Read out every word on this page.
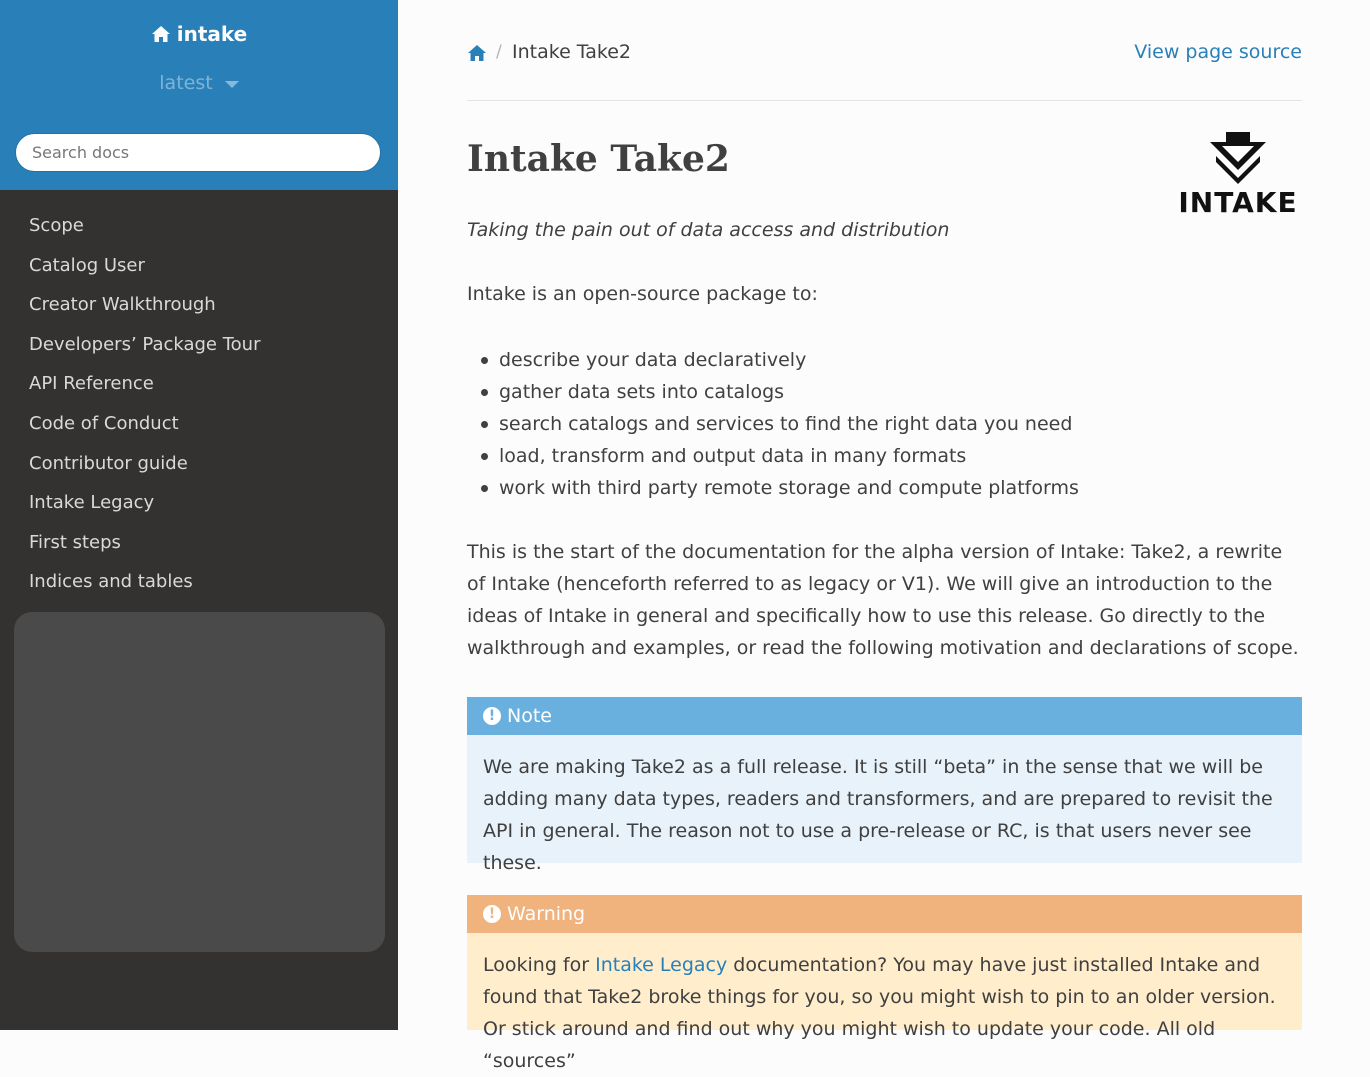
intake

latest
Search docs
Scope
Catalog User
Creator Walkthrough
Developers’ Package Tour
API Reference
Code of Conduct
Contributor guide
Intake Legacy
First steps
Indices and tables
/ Intake Take2	View page source
Intake Take2
INTAKE

Taking the pain out of data access and distribution

Intake is an open-source package to:

describe your data declaratively
gather data sets into catalogs
search catalogs and services to find the right data you need
load, transform and output data in many formats
work with third party remote storage and compute platforms

This is the start of the documentation for the alpha version of Intake: Take2, a rewrite of Intake (henceforth referred to as legacy or V1). We will give an introduction to the ideas of Intake in general and specifically how to use this release. Go directly to the walkthrough and examples, or read the following motivation and declarations of scope.

! Note

We are making Take2 as a full release. It is still “beta” in the sense that we will be adding many data types, readers and transformers, and are prepared to revisit the API in general. The reason not to use a pre-release or RC, is that users never see these.

! Warning

Looking for Intake Legacy documentation? You may have just installed Intake and found that Take2 broke things for you, so you might wish to pin to an older version. Or stick around and find out why you might wish to update your code. All old “sources”
